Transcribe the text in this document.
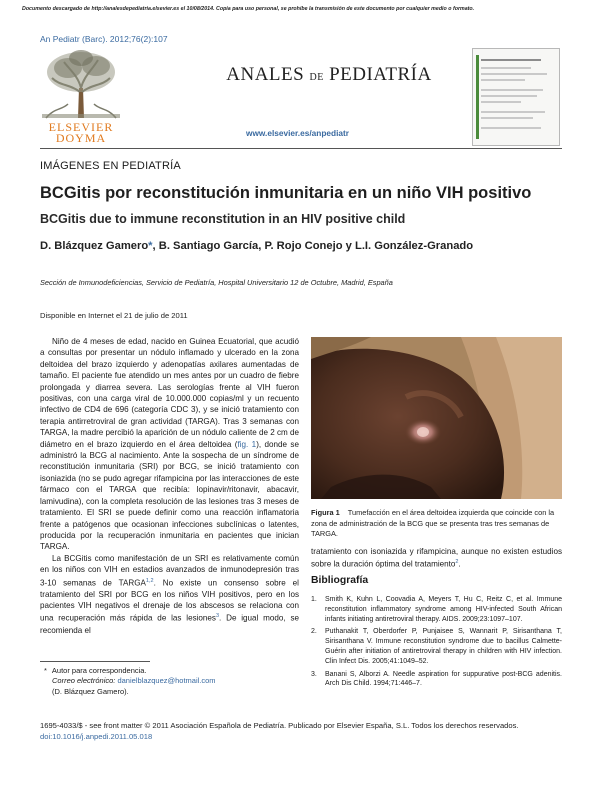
Documento descargado de http://analesdepediatria.elsevier.es el 10/08/2014. Copia para uso personal, se prohíbe la transmisión de este documento por cualquier medio o formato.
An Pediatr (Barc). 2012;76(2):107
ELSEVIER
DOYMA
ANALES DE PEDIATRÍA
www.elsevier.es/anpediatr
IMÁGENES EN PEDIATRÍA
BCGitis por reconstitución inmunitaria en un niño VIH positivo
BCGitis due to immune reconstitution in an HIV positive child
D. Blázquez Gamero*, B. Santiago García, P. Rojo Conejo y L.I. González-Granado
Sección de Inmunodeficiencias, Servicio de Pediatría, Hospital Universitario 12 de Octubre, Madrid, España
Disponible en Internet el 21 de julio de 2011

Niño de 4 meses de edad, nacido en Guinea Ecuatorial, que acudió a consultas por presentar un nódulo inflamado y ulcerado en la zona deltoidea del brazo izquierdo y adenopatías axilares aumentadas de tamaño. El paciente fue atendido un mes antes por un cuadro de fiebre prolongada y diarrea severa. Las serologías frente al VIH fueron positivas, con una carga viral de 10.000.000 copias/ml y un recuento infectivo de CD4 de 696 (categoría CDC 3), y se inició tratamiento con terapia antirretroviral de gran actividad (TARGA). Tras 3 semanas con TARGA, la madre percibió la aparición de un nódulo caliente de 2 cm de diámetro en el brazo izquierdo en el área deltoidea (fig. 1), donde se administró la BCG al nacimiento. Ante la sospecha de un síndrome de reconstitución inmunitaria (SRI) por BCG, se inició tratamiento con isoniazida (no se pudo agregar rifampicina por las interacciones de este fármaco con el TARGA que recibía: lopinavir/ritonavir, abacavir, lamivudina), con la completa resolución de las lesiones tras 3 meses de tratamiento. El SRI se puede definir como una reacción inflamatoria frente a patógenos que ocasionan infecciones subclínicas o latentes, producida por la recuperación inmunitaria en pacientes que inician TARGA.

La BCGitis como manifestación de un SRI es relativamente común en los niños con VIH en estadios avanzados de inmunodepresión tras 3-10 semanas de TARGA$^{1,2}$. No existe un consenso sobre el tratamiento del SRI por BCG en los niños VIH positivos, pero en los pacientes VIH negativos el drenaje de los abscesos se relaciona con una recuperación más rápida de las lesiones$^3$. De igual modo, se recomienda el

Figura 1 Tumefacción en el área deltoidea izquierda que coincide con la zona de administración de la BCG que se presenta tras tres semanas de TARGA.
tratamiento con isoniazida y rifampicina, aunque no existen estudios sobre la duración óptima del tratamiento$^2$.
Bibliografía
1. Smith K, Kuhn L, Coovadia A, Meyers T, Hu C, Reitz C, et al. Immune reconstitution inflammatory syndrome among HIV-infected South African infants initiating antiretroviral therapy. AIDS. 2009;23:1097–107.
2. Puthanakit T, Oberdorfer P, Punjaisee S, Wannarit P, Sirisanthana T, Sirisanthana V. Immune reconstitution syndrome due to bacillus Calmette-Guérin after initiation of antiretroviral therapy in children with HIV infection. Clin Infect Dis. 2005;41:1049–52.
3. Banani S, Alborzi A. Needle aspiration for suppurative post-BCG adenitis. Arch Dis Child. 1994;71:446–7.
* Autor para correspondencia.
Correo electrónico: danielblazquez@hotmail.com
(D. Blázquez Gamero).
1695-4033/$ - see front matter © 2011 Asociación Española de Pediatría. Publicado por Elsevier España, S.L. Todos los derechos reservados.
doi:10.1016/j.anpedi.2011.05.018
